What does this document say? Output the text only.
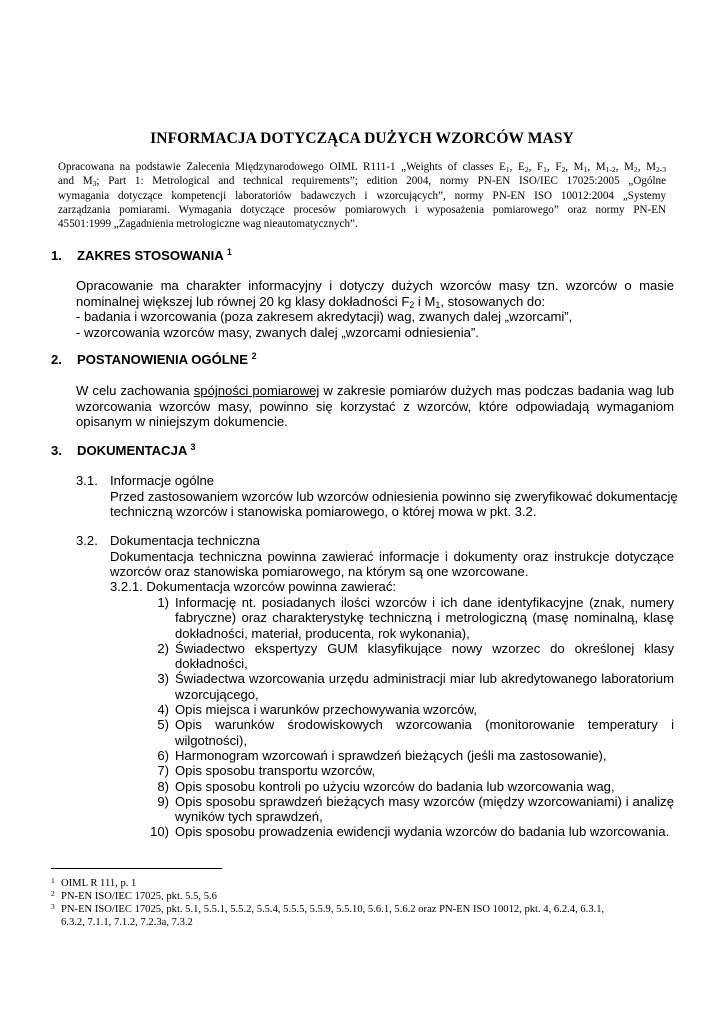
INFORMACJA DOTYCZĄCA DUŻYCH WZORCÓW MASY
Opracowana na podstawie Zalecenia Międzynarodowego OIML R111-1 „Weights of classes $E_1$, $E_2$, $F_1$, $F_2$, $M_1$, $M_{1-2}$, $M_2$, $M_{2-3}$
and $M_3$; Part 1: Metrological and technical requirements”; edition 2004, normy PN-EN ISO/IEC 17025:2005 „Ogólne
wymagania dotyczące kompetencji laboratoriów badawczych i wzorcujących”, normy PN-EN ISO 10012:2004 „Systemy
zarządzania pomiarami. Wymagania dotyczące procesów pomiarowych i wyposażenia pomiarowego” oraz normy PN-EN
45501:1999 „Zagadnienia metrologiczne wag nieautomatycznych”.
1. ZAKRES STOSOWANIA $^1$
Opracowanie ma charakter informacyjny i dotyczy dużych wzorców masy tzn. wzorców o masie
nominalnej większej lub równej 20 kg klasy dokładności $F_2$ i $M_1$, stosowanych do:
- badania i wzorcowania (poza zakresem akredytacji) wag, zwanych dalej „wzorcami”,
- wzorcowania wzorców masy, zwanych dalej „wzorcami odniesienia”.
2. POSTANOWIENIA OGÓLNE $^2$
W celu zachowania spójności pomiarowej w zakresie pomiarów dużych mas podczas badania wag lub
wzorcowania wzorców masy, powinno się korzystać z wzorców, które odpowiadają wymaganiom
opisanym w niniejszym dokumencie.
3. DOKUMENTACJA $^3$
3.1. Informacje ogólne
Przed zastosowaniem wzorców lub wzorców odniesienia powinno się zweryfikować dokumentację
techniczną wzorców i stanowiska pomiarowego, o której mowa w pkt. 3.2.
3.2. Dokumentacja techniczna
Dokumentacja techniczna powinna zawierać informacje i dokumenty oraz instrukcje dotyczące
wzorców oraz stanowiska pomiarowego, na którym są one wzorcowane.
3.2.1. Dokumentacja wzorców powinna zawierać:
1) Informację nt. posiadanych ilości wzorców i ich dane identyfikacyjne (znak, numery
fabryczne) oraz charakterystykę techniczną i metrologiczną (masę nominalną, klasę
dokładności, materiał, producenta, rok wykonania),
2) Świadectwo ekspertyzy GUM klasyfikujące nowy wzorzec do określonej klasy
dokładności,
3) Świadectwa wzorcowania urzędu administracji miar lub akredytowanego laboratorium
wzorcującego,
4) Opis miejsca i warunków przechowywania wzorców,
5) Opis warunków środowiskowych wzorcowania (monitorowanie temperatury i
wilgotności),
6) Harmonogram wzorcowań i sprawdzeń bieżących (jeśli ma zastosowanie),
7) Opis sposobu transportu wzorców,
8) Opis sposobu kontroli po użyciu wzorców do badania lub wzorcowania wag,
9) Opis sposobu sprawdzeń bieżących masy wzorców (między wzorcowaniami) i analizę
wyników tych sprawdzeń,
10) Opis sposobu prowadzenia ewidencji wydania wzorców do badania lub wzorcowania.
1 OIML R 111, p. 1
2 PN-EN ISO/IEC 17025, pkt. 5.5, 5.6
3 PN-EN ISO/IEC 17025, pkt. 5.1, 5.5.1, 5.5.2, 5.5.4, 5.5.5, 5.5.9, 5.5.10, 5.6.1, 5.6.2 oraz PN-EN ISO 10012, pkt. 4, 6.2.4, 6.3.1,
6.3.2, 7.1.1, 7.1.2, 7.2.3a, 7.3.2
